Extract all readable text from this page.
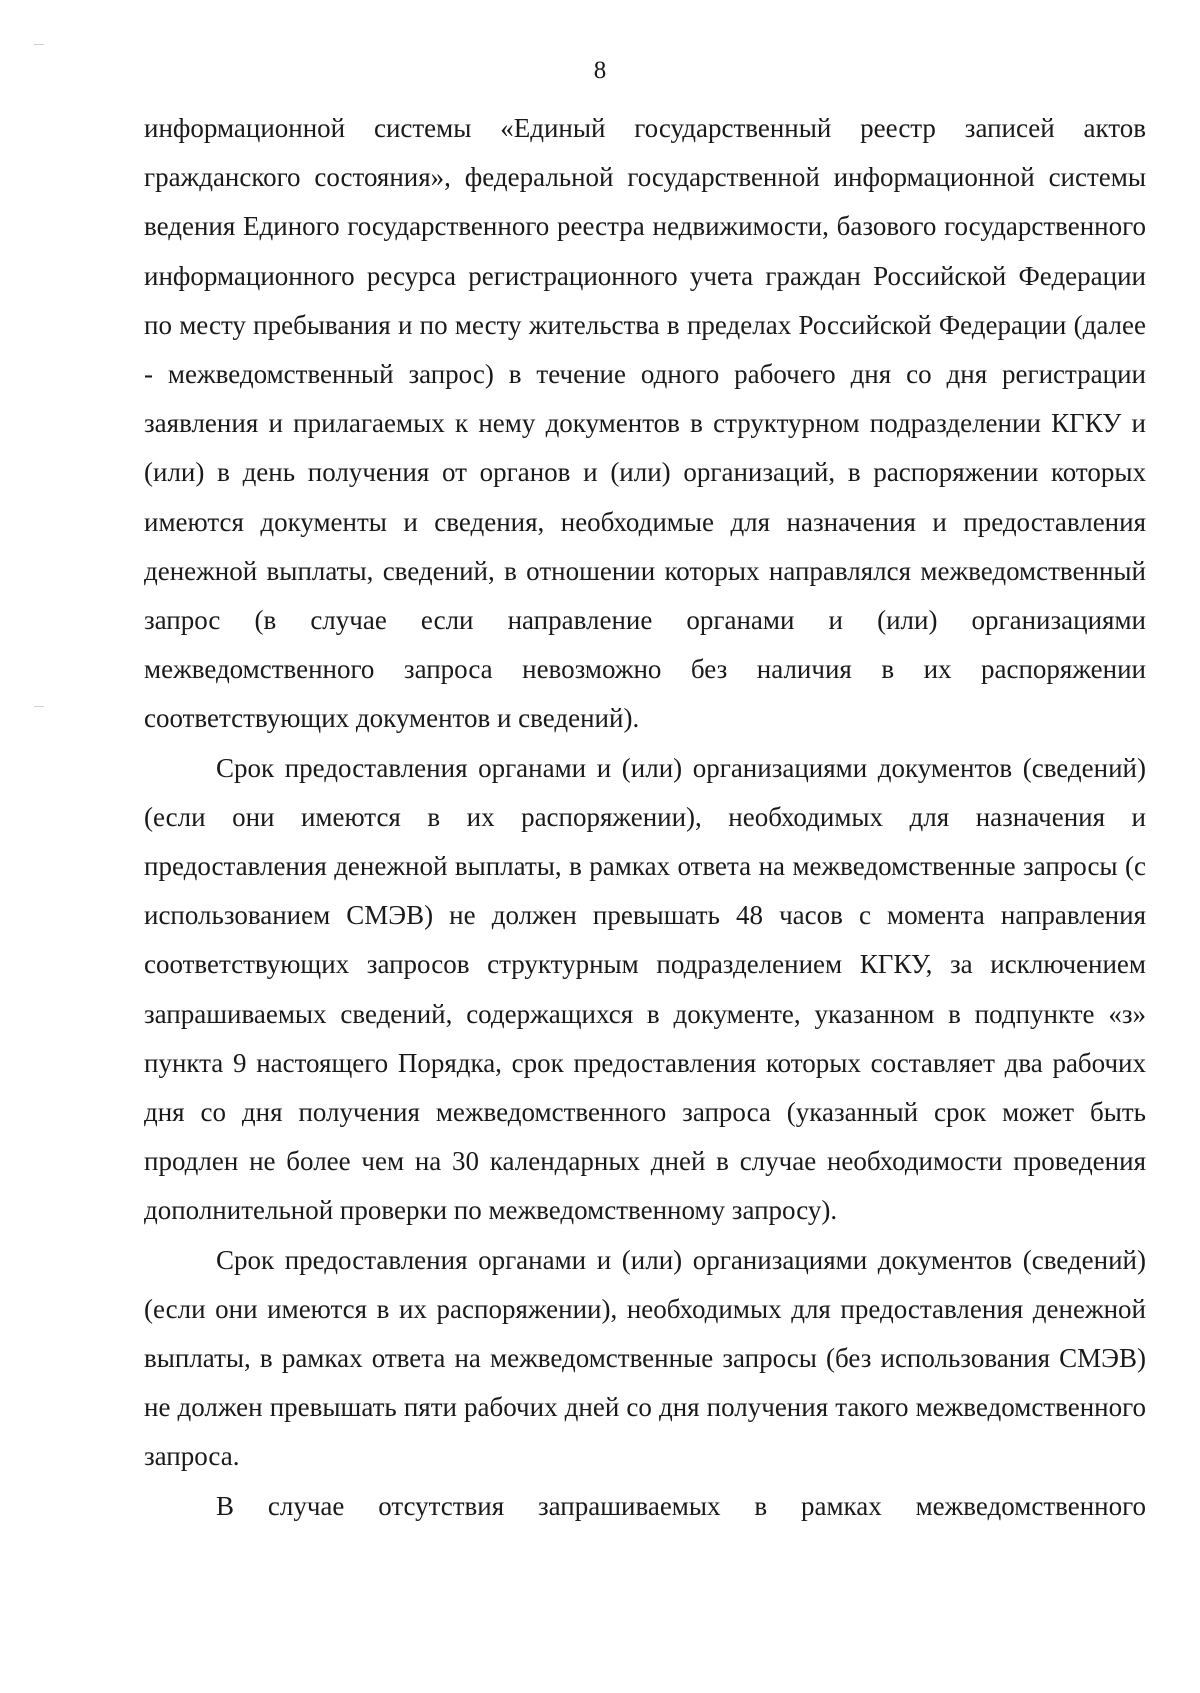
8

информационной системы «Единый государственный реестр записей актов гражданского состояния», федеральной государственной информационной системы ведения Единого государственного реестра недвижимости, базового государственного информационного ресурса регистрационного учета граждан Российской Федерации по месту пребывания и по месту жительства в пределах Российской Федерации (далее - межведомственный запрос) в течение одного рабочего дня со дня регистрации заявления и прилагаемых к нему документов в структурном подразделении КГКУ и (или) в день получения от органов и (или) организаций, в распоряжении которых имеются документы и сведения, необходимые для назначения и предоставления денежной выплаты, сведений, в отношении которых направлялся межведомственный запрос (в случае если направление органами и (или) организациями межведомственного запроса невозможно без наличия в их распоряжении соответствующих документов и сведений).

Срок предоставления органами и (или) организациями документов (сведений) (если они имеются в их распоряжении), необходимых для назначения и предоставления денежной выплаты, в рамках ответа на межведомственные запросы (с использованием СМЭВ) не должен превышать 48 часов с момента направления соответствующих запросов структурным подразделением КГКУ, за исключением запрашиваемых сведений, содержащихся в документе, указанном в подпункте «з» пункта 9 настоящего Порядка, срок предоставления которых составляет два рабочих дня со дня получения межведомственного запроса (указанный срок может быть продлен не более чем на 30 календарных дней в случае необходимости проведения дополнительной проверки по межведомственному запросу).

Срок предоставления органами и (или) организациями документов (сведений) (если они имеются в их распоряжении), необходимых для предоставления денежной выплаты, в рамках ответа на межведомственные запросы (без использования СМЭВ) не должен превышать пяти рабочих дней со дня получения такого межведомственного запроса.

В случае отсутствия запрашиваемых в рамках межведомственного
